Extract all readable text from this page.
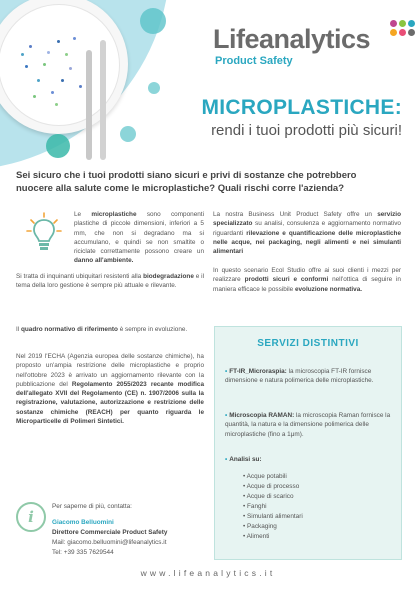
Lifeanalytics
Product Safety
MICROPLASTICHE:
rendi i tuoi prodotti più sicuri!
Sei sicuro che i tuoi prodotti siano sicuri e privi di sostanze che potrebbero nuocere alla salute come le microplastiche? Quali rischi corre l'azienda?
Le microplastiche sono componenti plastiche di piccole dimensioni, inferiori a 5 mm, che non si degradano ma si accumulano, e quindi se non smaltite o riciclate correttamente possono creare un danno all'ambiente.
Si tratta di inquinanti ubiquitari resistenti alla biodegradazione e il tema della loro gestione è sempre più attuale e rilevante.
Il quadro normativo di riferimento è sempre in evoluzione.
Nel 2019 l'ECHA (Agenzia europea delle sostanze chimiche), ha proposto un'ampia restrizione delle microplastiche e proprio nell'ottobre 2023 è arrivato un aggiornamento rilevante con la pubblicazione del Regolamento 2055/2023 recante modifica dell'allegato XVII del Regolamento (CE) n. 1907/2006 sulla la registrazione, valutazione, autorizzazione e restrizione delle sostanze chimiche (REACH) per quanto riguarda le Microparticelle di Polimeri Sintetici.
La nostra Business Unit Product Safety offre un servizio specializzato su analisi, consulenza e aggiornamento normativo riguardanti rilevazione e quantificazione delle microplastiche nelle acque, nei packaging, negli alimenti e nei simulanti alimentari
In questo scenario Ecol Studio offre ai suoi clienti i mezzi per realizzare prodotti sicuri e conformi nell'ottica di seguire in maniera efficace le possibile evoluzione normativa.
SERVIZI DISTINTIVI
• FT-IR_Microraspia: la microscopia FT-IR fornisce dimensione e natura polimerica delle microplastiche.
• Microscopia RAMAN: la microscopia Raman fornisce la quantità, la natura e la dimensione polimerica delle microplastiche (fino a 1μm).
• Analisi su:
• Acque potabili
• Acque di processo
• Acque di scarico
• Fanghi
• Simulanti alimentari
• Packaging
• Alimenti
i
Per saperne di più, contatta:
Giacomo Belluomini
Direttore Commerciale Product Safety
Mail: giacomo.belluomini@lifeanalytics.it
Tel: +39 335 7629544
www.lifeanalytics.it
